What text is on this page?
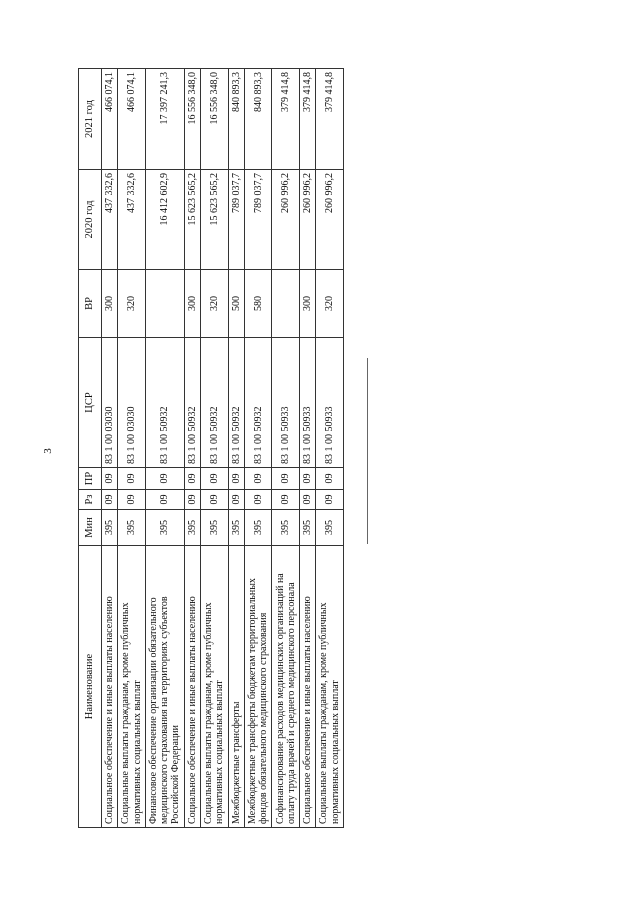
3
Наименование	Мин	Рз	ПР	ЦСР	ВР	2020 год	2021 год
Социальное обеспечение и иные выплаты населению	395	09	09	83 1 00 03030	300	437 332,6	466 074,1
Социальные выплаты гражданам, кроме публичных нормативных социальных выплат	395	09	09	83 1 00 03030	320	437 332,6	466 074,1
Финансовое обеспечение организации обязательного медицинского страхования на территориях субъектов Российской Федерации	395	09	09	83 1 00 50932		16 412 602,9	17 397 241,3
Социальное обеспечение и иные выплаты населению	395	09	09	83 1 00 50932	300	15 623 565,2	16 556 348,0
Социальные выплаты гражданам, кроме публичных нормативных социальных выплат	395	09	09	83 1 00 50932	320	15 623 565,2	16 556 348,0
Межбюджетные трансферты	395	09	09	83 1 00 50932	500	789 037,7	840 893,3
Межбюджетные трансферты бюджетам территориальных фондов обязательного медицинского страхования	395	09	09	83 1 00 50932	580	789 037,7	840 893,3
Софинансирование расходов медицинских организаций на оплату труда врачей и среднего медицинского персонала	395	09	09	83 1 00 50933		260 996,2	379 414,8
Социальное обеспечение и иные выплаты населению	395	09	09	83 1 00 50933	300	260 996,2	379 414,8
Социальные выплаты гражданам, кроме публичных нормативных социальных выплат	395	09	09	83 1 00 50933	320	260 996,2	379 414,8
